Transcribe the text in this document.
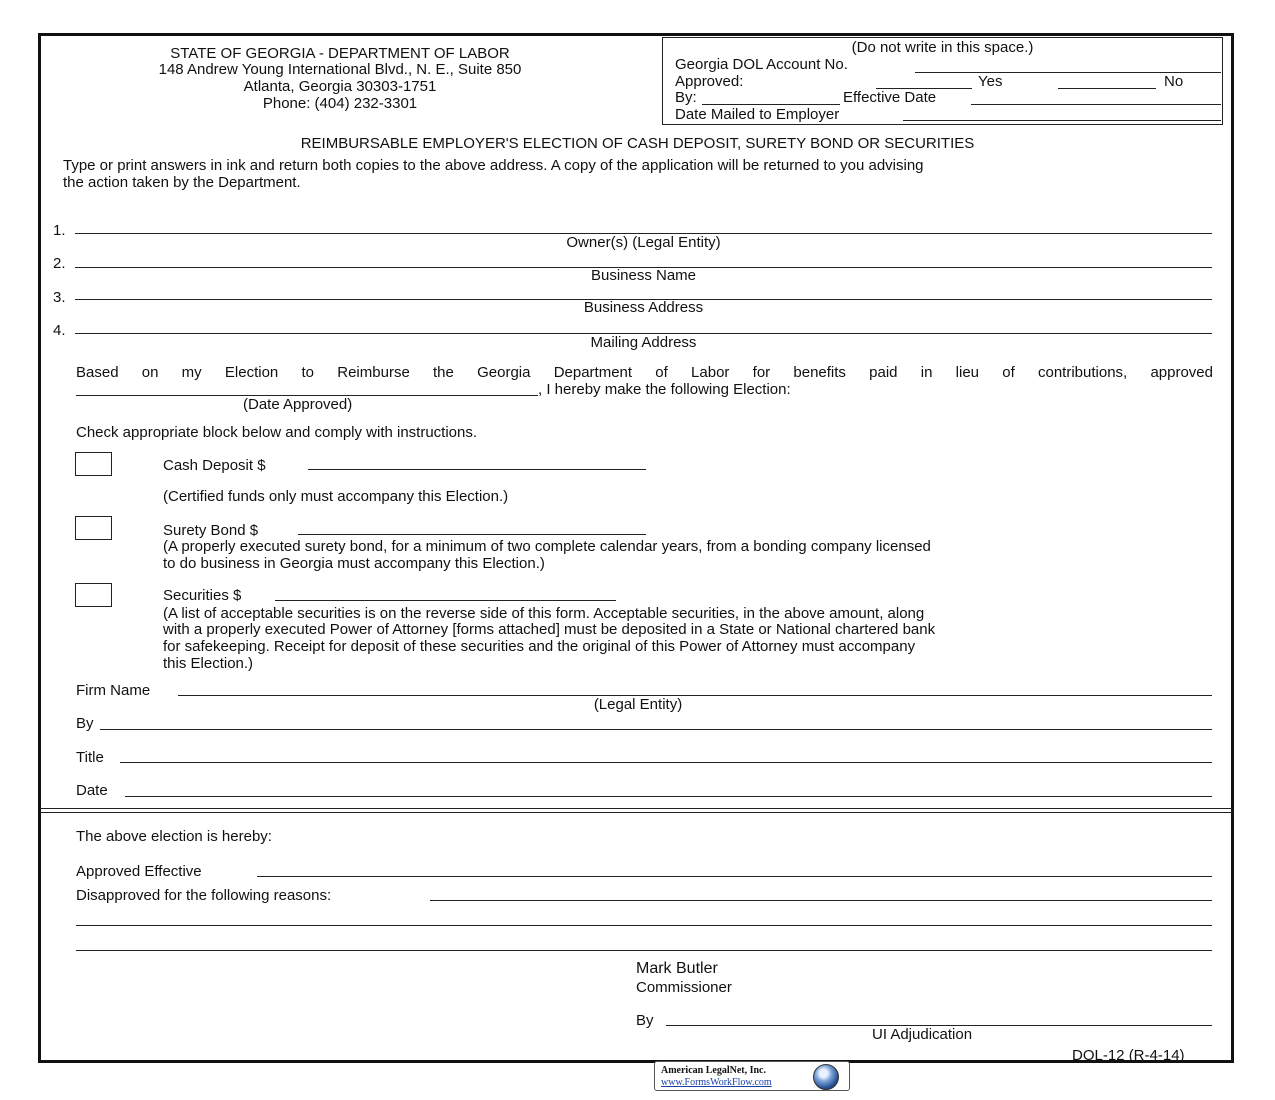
STATE OF GEORGIA - DEPARTMENT OF LABOR
148 Andrew Young International Blvd., N. E., Suite 850
Atlanta, Georgia 30303-1751
Phone: (404) 232-3301
(Do not write in this space.)
Georgia DOL Account No.
Approved:	Yes	No
By:	Effective Date
Date Mailed to Employer
REIMBURSABLE EMPLOYER'S ELECTION OF CASH DEPOSIT, SURETY BOND OR SECURITIES
Type or print answers in ink and return both copies to the above address. A copy of the application will be returned to you advising
the action taken by the Department.
1.
Owner(s) (Legal Entity)
2.
Business Name
3.
Business Address
4.
Mailing Address
Based on my Election to Reimburse the Georgia Department of Labor for benefits paid in lieu of contributions, approved
, I hereby make the following Election:
(Date Approved)
Check appropriate block below and comply with instructions.
Cash Deposit $
(Certified funds only must accompany this Election.)
Surety Bond $
(A properly executed surety bond, for a minimum of two complete calendar years, from a bonding company licensed
to do business in Georgia must accompany this Election.)
Securities $
(A list of acceptable securities is on the reverse side of this form. Acceptable securities, in the above amount, along
with a properly executed Power of Attorney [forms attached] must be deposited in a State or National chartered bank
for safekeeping. Receipt for deposit of these securities and the original of this Power of Attorney must accompany
this Election.)
Firm Name
(Legal Entity)
By
Title
Date
The above election is hereby:
Approved Effective
Disapproved for the following reasons:
Mark Butler
Commissioner
By
UI Adjudication
DOL-12 (R-4-14)
American LegalNet, Inc.
www.FormsWorkFlow.com
